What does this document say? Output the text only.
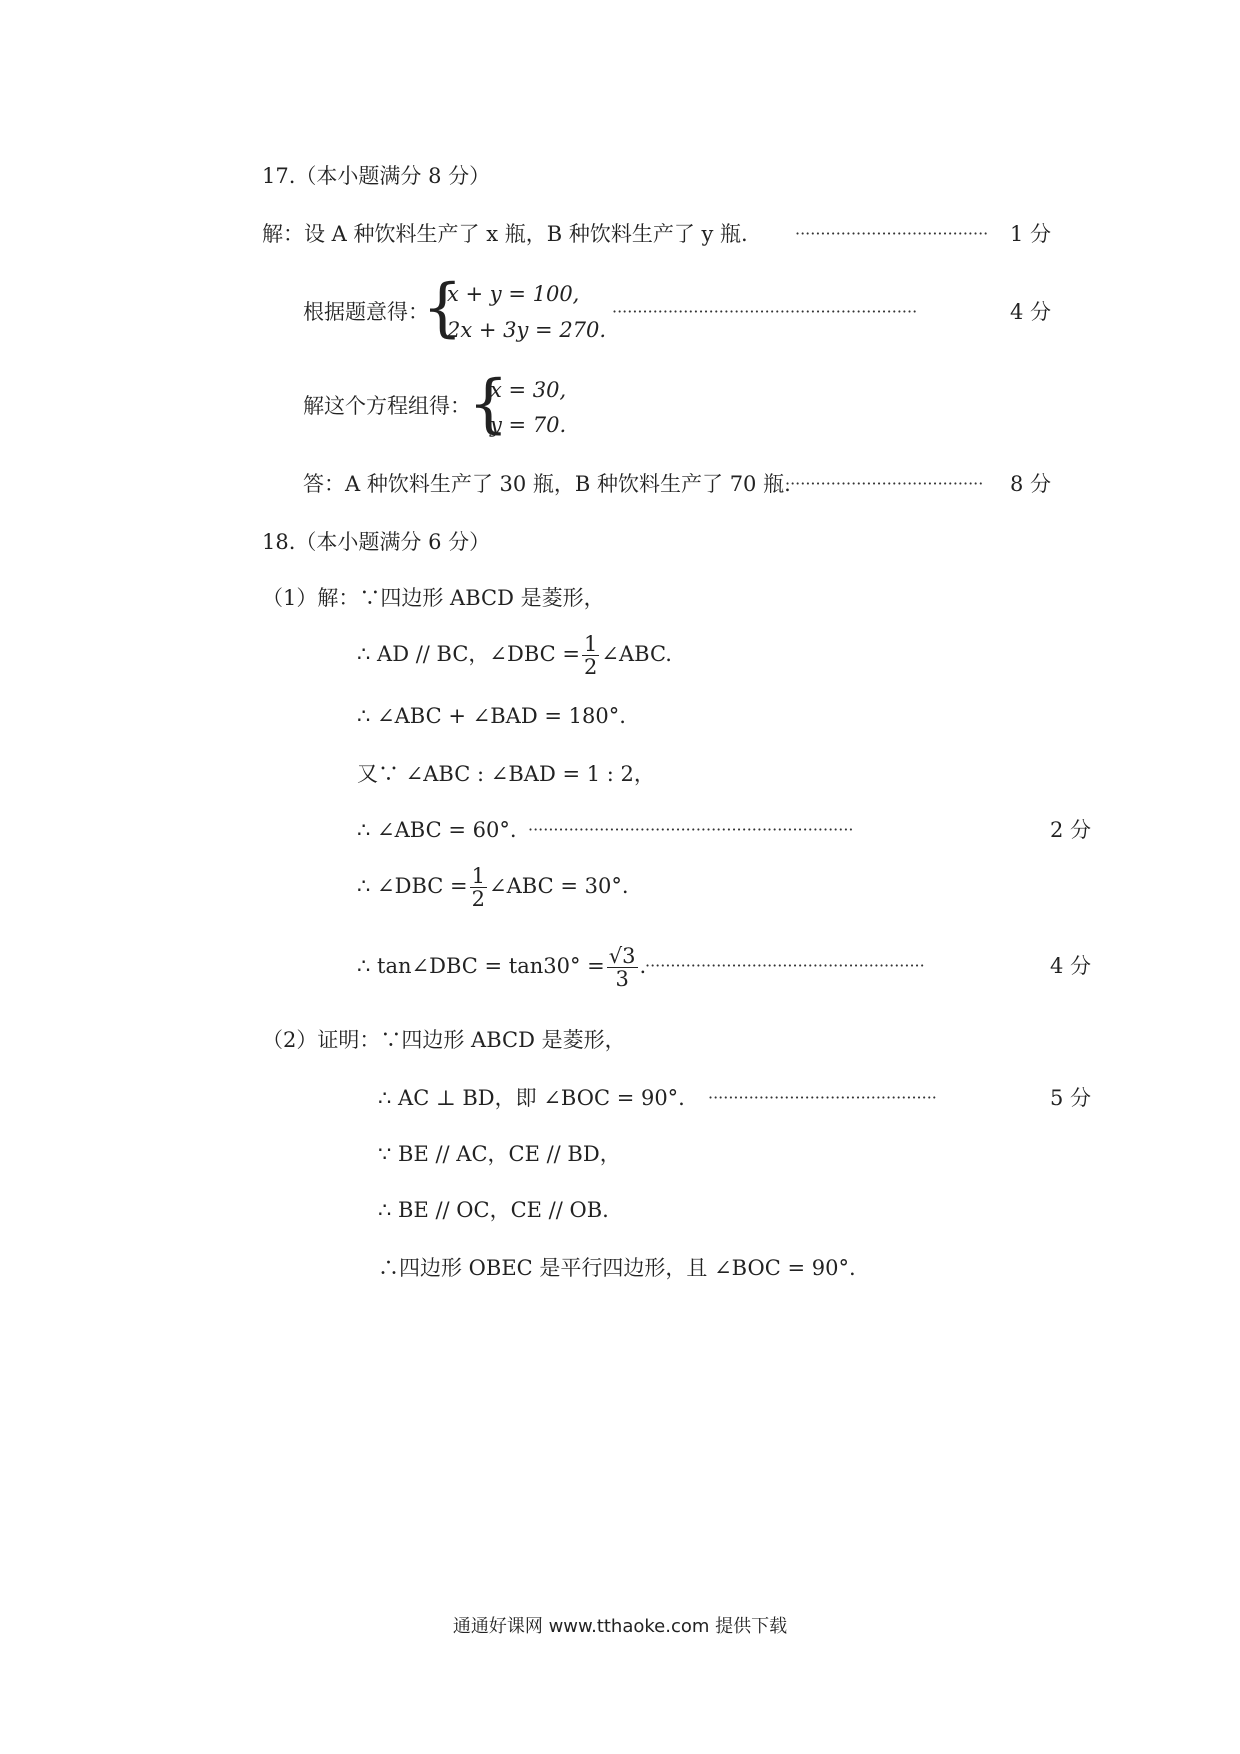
17.（本小题满分 8 分）
解：设 A 种饮料生产了 x 瓶，B 种饮料生产了 y 瓶.	······································ 1 分
根据题意得：
{
x + y = 100,
2x + 3y = 270.
····························································	4 分
解这个方程组得：
{
x = 30,
y = 70.
答：A 种饮料生产了 30 瓶，B 种饮料生产了 70 瓶.
······································· 8 分
18.（本小题满分 6 分）
（1）解：∵四边形 ABCD 是菱形，
∴ AD // BC，∠DBC = $\frac{1}{2}$ ∠ABC.
∴ ∠ABC + ∠BAD = 180°.
又∵ ∠ABC : ∠BAD = 1 : 2，
∴ ∠ABC = 60°. ································································	2 分
∴ ∠DBC = $\frac{1}{2}$ ∠ABC = 30°.
∴ tan∠DBC = $\tan 30^\circ = \frac{√3}{3}$ .
·······················································	4 分
（2）证明：∵四边形 ABCD 是菱形，
∴ AC ⊥ BD，即 ∠BOC = 90°. ·············································	5 分
∵ BE // AC，CE // BD，
∴ BE // OC，CE // OB.
∴四边形 OBEC 是平行四边形，且 ∠BOC = 90°.
通通好课网 www.tthaoke.com 提供下载
